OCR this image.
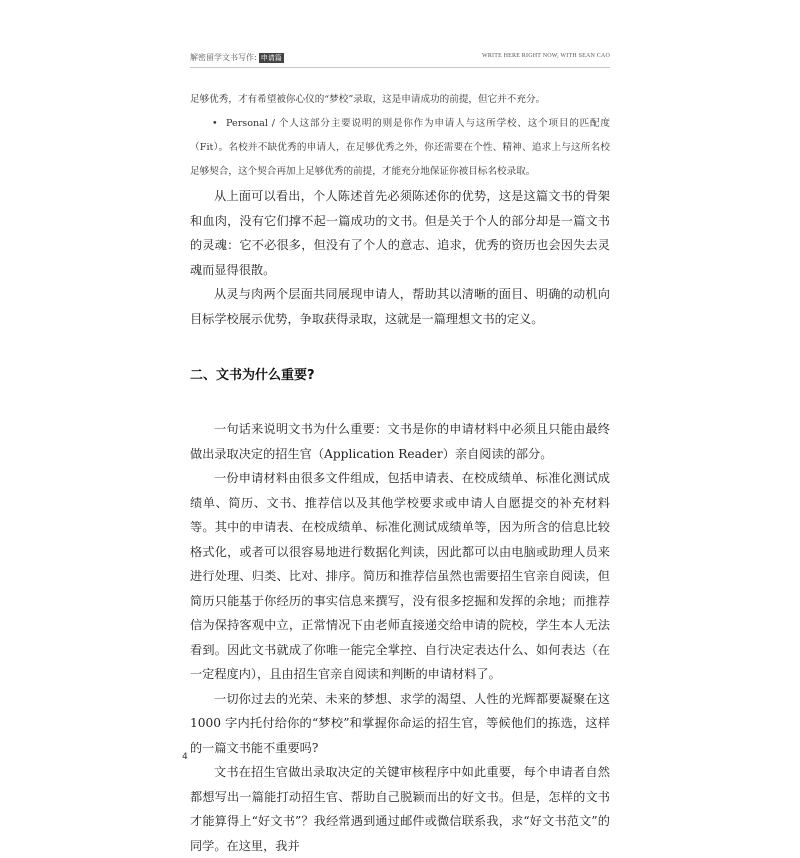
解密留学文书写作: 申请篇	WRITE HERE RIGHT NOW, WITH SEAN CAO

足够优秀，才有希望被你心仪的“梦校”录取，这是申请成功的前提，但它并不充分。

• Personal / 个人这部分主要说明的则是你作为申请人与这所学校、这个项目的匹配度（Fit）。名校并不缺优秀的申请人，在足够优秀之外，你还需要在个性、精神、追求上与这所名校足够契合，这个契合再加上足够优秀的前提，才能充分地保证你被目标名校录取。

从上面可以看出，个人陈述首先必须陈述你的优势，这是这篇文书的骨架和血肉，没有它们撑不起一篇成功的文书。但是关于个人的部分却是一篇文书的灵魂：它不必很多，但没有了个人的意志、追求，优秀的资历也会因失去灵魂而显得很散。

从灵与肉两个层面共同展现申请人，帮助其以清晰的面目、明确的动机向目标学校展示优势，争取获得录取，这就是一篇理想文书的定义。

二、文书为什么重要?

一句话来说明文书为什么重要：文书是你的申请材料中必须且只能由最终做出录取决定的招生官（Application Reader）亲自阅读的部分。

一份申请材料由很多文件组成，包括申请表、在校成绩单、标准化测试成绩单、简历、文书、推荐信以及其他学校要求或申请人自愿提交的补充材料等。其中的申请表、在校成绩单、标准化测试成绩单等，因为所含的信息比较格式化，或者可以很容易地进行数据化判读，因此都可以由电脑或助理人员来进行处理、归类、比对、排序。简历和推荐信虽然也需要招生官亲自阅读，但简历只能基于你经历的事实信息来撰写，没有很多挖掘和发挥的余地；而推荐信为保持客观中立，正常情况下由老师直接递交给申请的院校，学生本人无法看到。因此文书就成了你唯一能完全掌控、自行决定表达什么、如何表达（在一定程度内），且由招生官亲自阅读和判断的申请材料了。

一切你过去的光荣、未来的梦想、求学的渴望、人性的光辉都要凝聚在这 1000 字内托付给你的“梦校”和掌握你命运的招生官，等候他们的拣选，这样的一篇文书能不重要吗?

文书在招生官做出录取决定的关键审核程序中如此重要，每个申请者自然都想写出一篇能打动招生官、帮助自己脱颖而出的好文书。但是，怎样的文书才能算得上“好文书”？我经常遇到通过邮件或微信联系我，求“好文书范文”的同学。在这里，我并

4
